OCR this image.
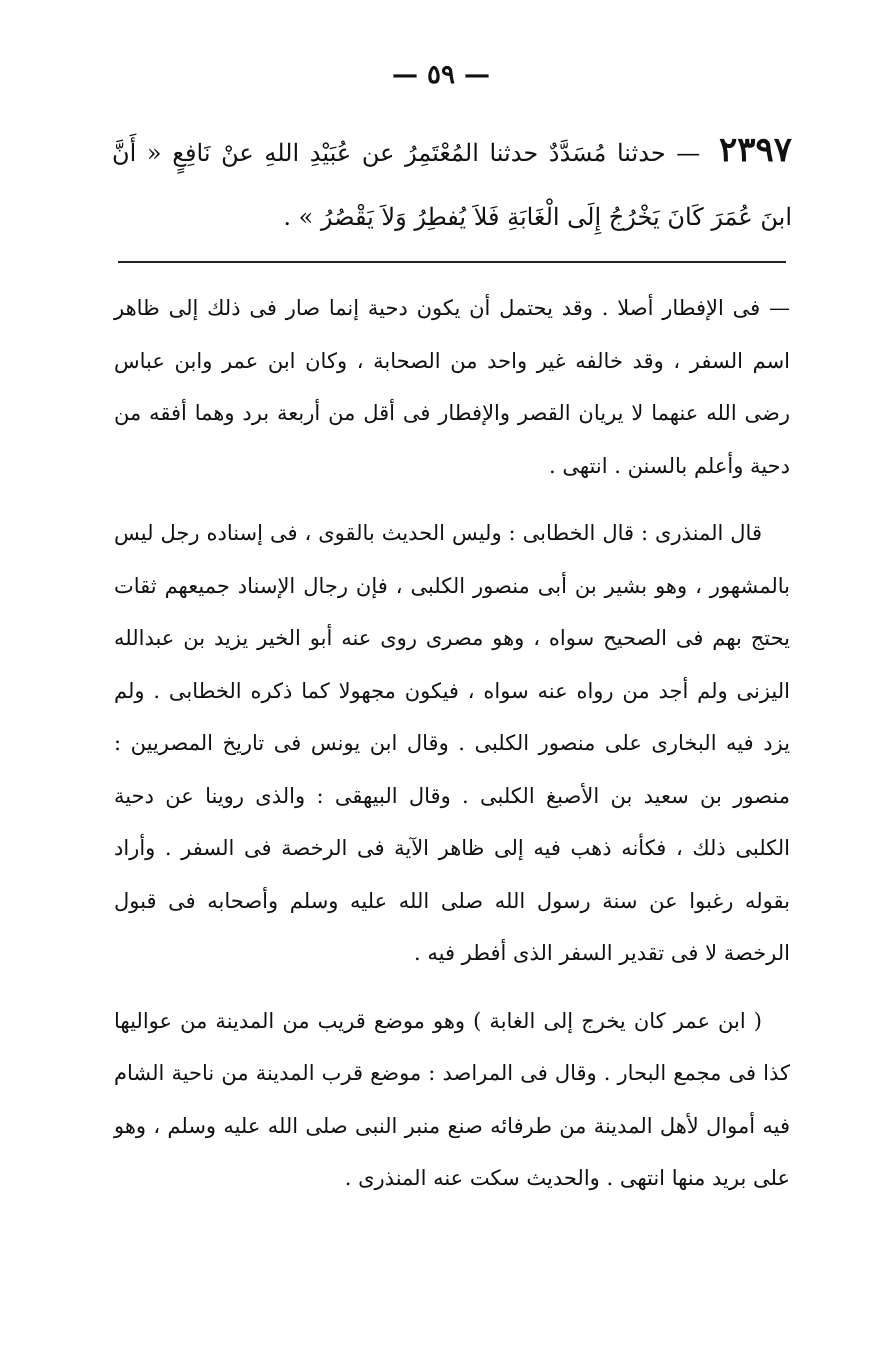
— ٥٩ —
٢٣٩٧ — حدثنا مُسَدَّدٌ حدثنا المُعْتَمِرُ عن عُبَيْدِ اللهِ عنْ نَافِعٍ « أَنَّ ابنَ عُمَرَ كَانَ يَخْرُجُ إِلَى الْغَابَةِ فَلاَ يُفطِرُ وَلاَ يَقْصُرُ » .

— فى الإفطار أصلا . وقد يحتمل أن يكون دحية إنما صار فى ذلك إلى ظاهر اسم السفر ، وقد خالفه غير واحد من الصحابة ، وكان ابن عمر وابن عباس رضى الله عنهما لا يريان القصر والإفطار فى أقل من أربعة برد وهما أفقه من دحية وأعلم بالسنن . انتهى .

قال المنذرى : قال الخطابى : وليس الحديث بالقوى ، فى إسناده رجل ليس بالمشهور ، وهو بشير بن أبى منصور الكلبى ، فإن رجال الإسناد جميعهم ثقات يحتج بهم فى الصحيح سواه ، وهو مصرى روى عنه أبو الخير يزيد بن عبدالله اليزنى ولم أجد من رواه عنه سواه ، فيكون مجهولا كما ذكره الخطابى . ولم يزد فيه البخارى على منصور الكلبى . وقال ابن يونس فى تاريخ المصريين : منصور بن سعيد بن الأصبغ الكلبى . وقال البيهقى : والذى روينا عن دحية الكلبى ذلك ، فكأنه ذهب فيه إلى ظاهر الآية فى الرخصة فى السفر . وأراد بقوله رغبوا عن سنة رسول الله صلى الله عليه وسلم وأصحابه فى قبول الرخصة لا فى تقدير السفر الذى أفطر فيه .

( ابن عمر كان يخرج إلى الغابة ) وهو موضع قريب من المدينة من عواليها كذا فى مجمع البحار . وقال فى المراصد : موضع قرب المدينة من ناحية الشام فيه أموال لأهل المدينة من طرفائه صنع منبر النبى صلى الله عليه وسلم ، وهو على بريد منها انتهى . والحديث سكت عنه المنذرى .
